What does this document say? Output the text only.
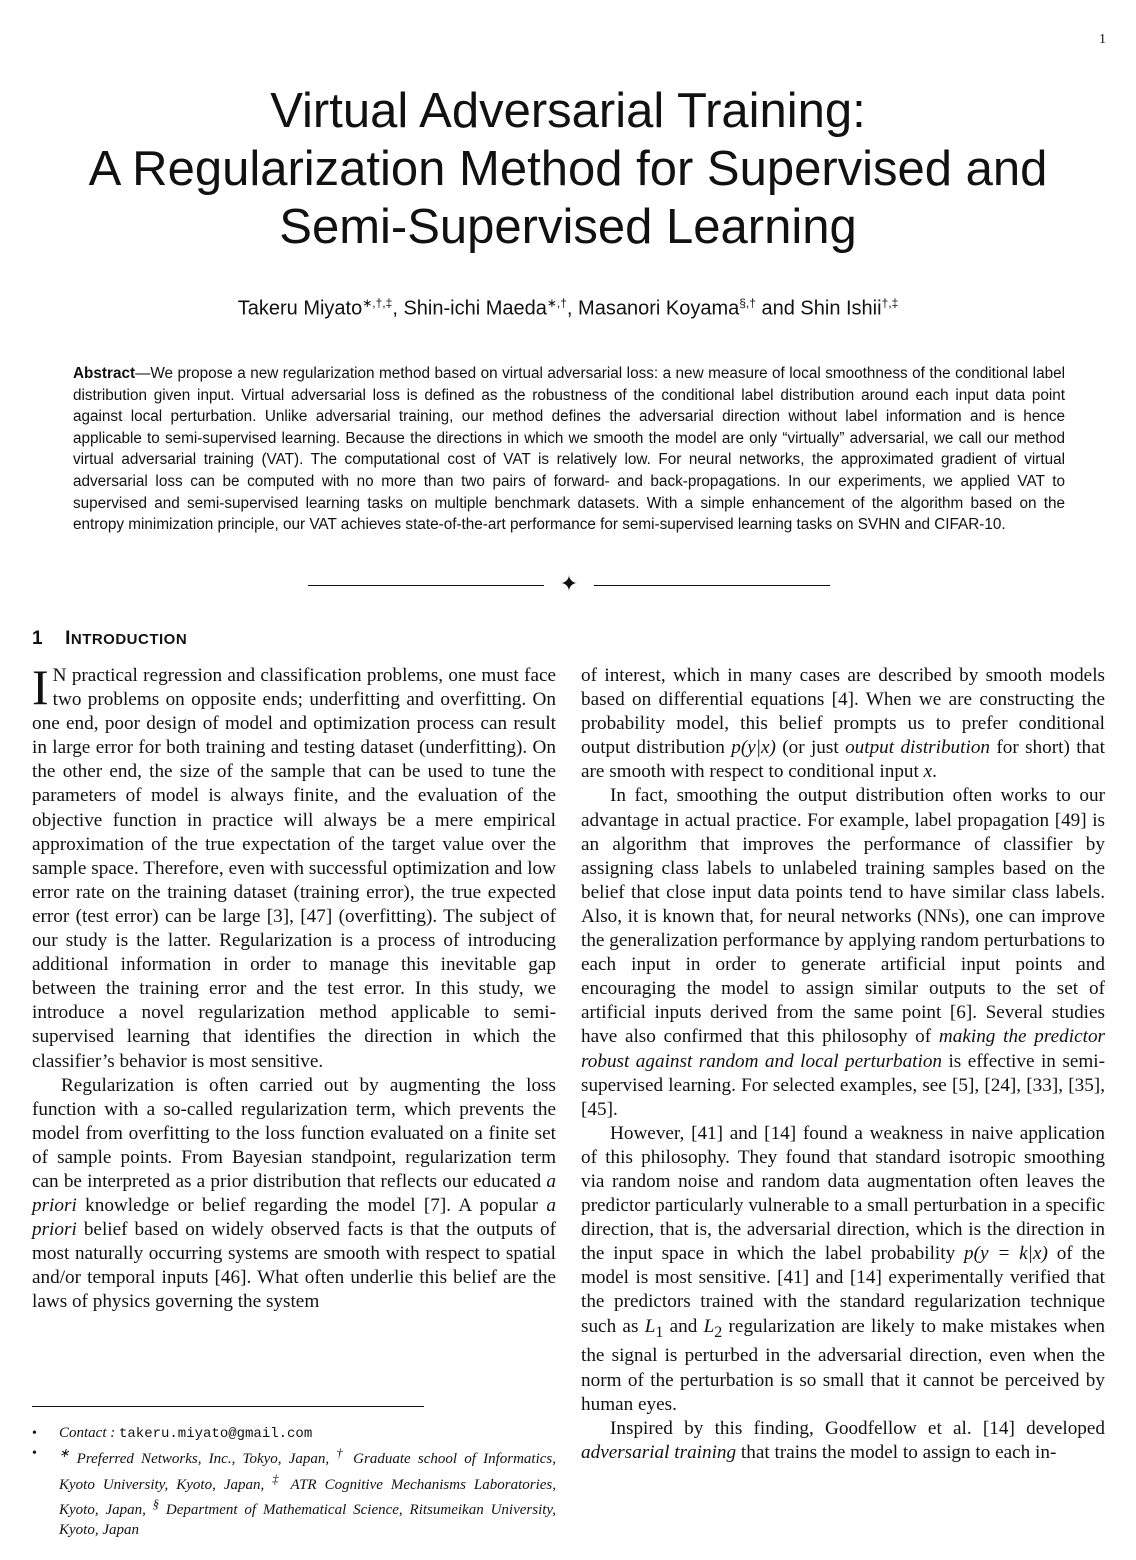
1
Virtual Adversarial Training:
A Regularization Method for Supervised and
Semi-Supervised Learning
Takeru Miyato∗,†,‡, Shin-ichi Maeda∗,†, Masanori Koyama§,† and Shin Ishii†,‡

Abstract—We propose a new regularization method based on virtual adversarial loss: a new measure of local smoothness of the conditional label distribution given input. Virtual adversarial loss is defined as the robustness of the conditional label distribution around each input data point against local perturbation. Unlike adversarial training, our method defines the adversarial direction without label information and is hence applicable to semi-supervised learning. Because the directions in which we smooth the model are only “virtually” adversarial, we call our method virtual adversarial training (VAT). The computational cost of VAT is relatively low. For neural networks, the approximated gradient of virtual adversarial loss can be computed with no more than two pairs of forward- and back-propagations. In our experiments, we applied VAT to supervised and semi-supervised learning tasks on multiple benchmark datasets. With a simple enhancement of the algorithm based on the entropy minimization principle, our VAT achieves state-of-the-art performance for semi-supervised learning tasks on SVHN and CIFAR-10.

✦
1 INTRODUCTION

I N practical regression and classification problems, one must face two problems on opposite ends; underfitting and overfitting. On one end, poor design of model and optimization process can result in large error for both training and testing dataset (underfitting). On the other end, the size of the sample that can be used to tune the parameters of model is always finite, and the evaluation of the objective function in practice will always be a mere empirical approximation of the true expectation of the target value over the sample space. Therefore, even with successful optimization and low error rate on the training dataset (training error), the true expected error (test error) can be large [3], [47] (overfitting). The subject of our study is the latter. Regularization is a process of introducing additional information in order to manage this inevitable gap between the training error and the test error. In this study, we introduce a novel regularization method applicable to semi-supervised learning that identifies the direction in which the classifier’s behavior is most sensitive.

Regularization is often carried out by augmenting the loss function with a so-called regularization term, which prevents the model from overfitting to the loss function evaluated on a finite set of sample points. From Bayesian standpoint, regularization term can be interpreted as a prior distribution that reflects our educated a priori knowledge or belief regarding the model [7]. A popular a priori belief based on widely observed facts is that the outputs of most naturally occurring systems are smooth with respect to spatial and/or temporal inputs [46]. What often underlie this belief are the laws of physics governing the system

of interest, which in many cases are described by smooth models based on differential equations [4]. When we are constructing the probability model, this belief prompts us to prefer conditional output distribution p(y|x) (or just output distribution for short) that are smooth with respect to conditional input x.

In fact, smoothing the output distribution often works to our advantage in actual practice. For example, label propagation [49] is an algorithm that improves the performance of classifier by assigning class labels to unlabeled training samples based on the belief that close input data points tend to have similar class labels. Also, it is known that, for neural networks (NNs), one can improve the generalization performance by applying random perturbations to each input in order to generate artificial input points and encouraging the model to assign similar outputs to the set of artificial inputs derived from the same point [6]. Several studies have also confirmed that this philosophy of making the predictor robust against random and local perturbation is effective in semi-supervised learning. For selected examples, see [5], [24], [33], [35], [45].

However, [41] and [14] found a weakness in naive application of this philosophy. They found that standard isotropic smoothing via random noise and random data augmentation often leaves the predictor particularly vulnerable to a small perturbation in a specific direction, that is, the adversarial direction, which is the direction in the input space in which the label probability p(y = k|x) of the model is most sensitive. [41] and [14] experimentally verified that the predictors trained with the standard regularization technique such as $L_1$ and $L_2$ regularization are likely to make mistakes when the signal is perturbed in the adversarial direction, even when the norm of the perturbation is so small that it cannot be perceived by human eyes.

Inspired by this finding, Goodfellow et al. [14] developed adversarial training that trains the model to assign to each in-

• Contact : takeru.miyato@gmail.com
• ∗ Preferred Networks, Inc., Tokyo, Japan, † Graduate school of Informatics, Kyoto University, Kyoto, Japan, ‡ ATR Cognitive Mechanisms Laboratories, Kyoto, Japan, § Department of Mathematical Science, Ritsumeikan University, Kyoto, Japan
